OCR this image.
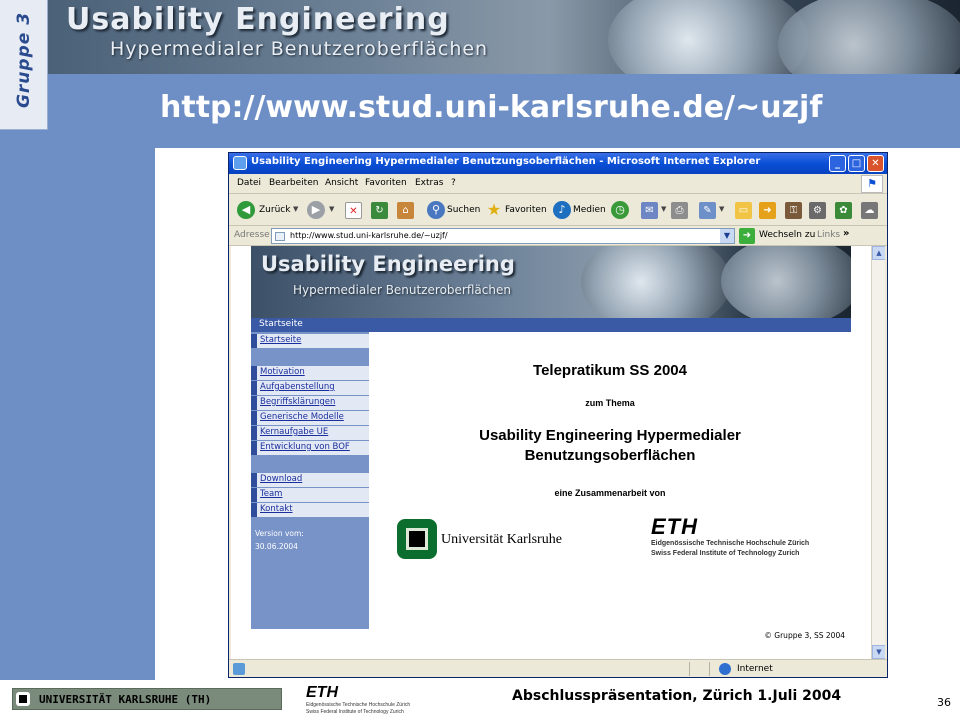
Gruppe 3 Usability Engineering
Hypermedialer Benutzeroberflächen
http://www.stud.uni-karlsruhe.de/~uzjf
Usability Engineering Hypermedialer Benutzungsoberflächen - Microsoft Internet Explorer	_	□	✕
Datei Bearbeiten Ansicht Favoriten Extras ?	⚑
◀ Zurück ▼	▶	▼	✕	↻	⌂	⚲ Suchen ★ Favoriten	♪ Medien ◷	✉	▼ ⎙	✎	▼	▭	➜	⚿	⚙	✿	☁
Adresse	http://www.stud.uni-karlsruhe.de/~uzjf/	▼	➜ Wechseln zu Links »
Usability Engineering
Hypermedialer Benutzeroberflächen
Startseite
Startseite
Motivation
Aufgabenstellung
Begriffsklärungen
Generische Modelle
Kernaufgabe UE
Entwicklung von BOF
Download
Team
Kontakt
Version vom:
30.06.2004
Telepratikum SS 2004
zum Thema
Usability Engineering Hypermedialer
Benutzungsoberflächen
eine Zusammenarbeit von
Universität Karlsruhe
ETH
Eidgenössische Technische Hochschule Zürich
Swiss Federal Institute of Technology Zurich
© Gruppe 3, SS 2004
▲
▼
Internet
UNIVERSITÄT KARLSRUHE (TH)	ETH
Eidgenössische Technische Hochschule Zürich
Swiss Federal Institute of Technology Zurich
Abschlusspräsentation, Zürich 1.Juli 2004	36
